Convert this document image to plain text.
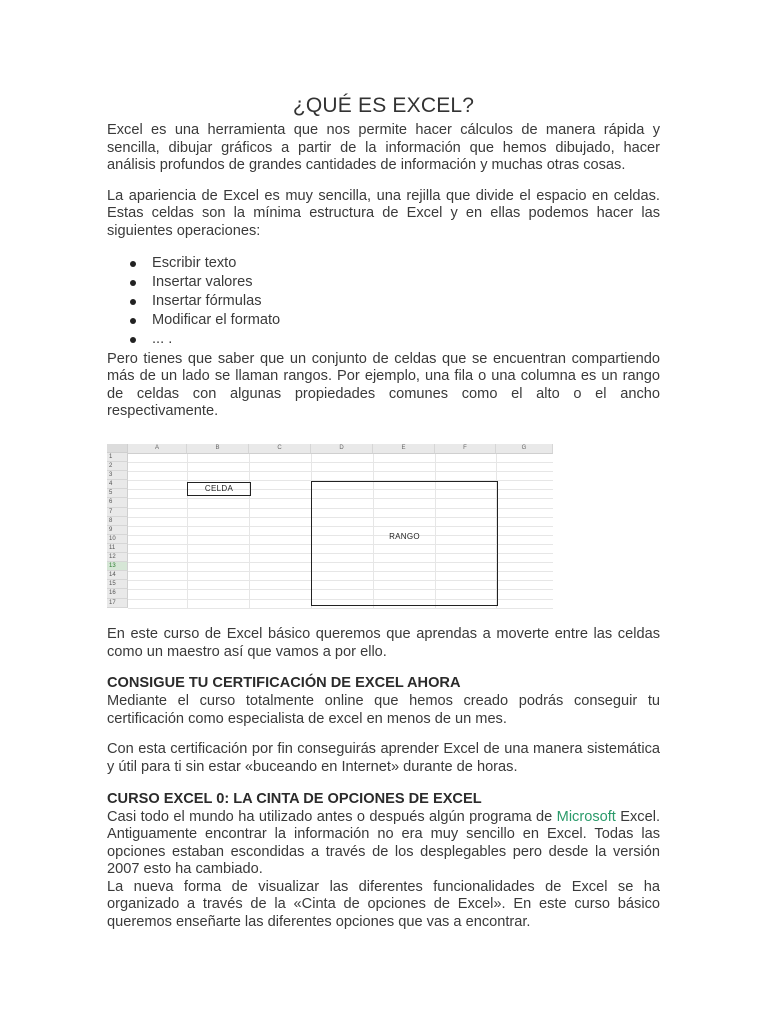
¿QUÉ ES EXCEL?

Excel es una herramienta que nos permite hacer cálculos de manera rápida y sencilla, dibujar gráficos a partir de la información que hemos dibujado, hacer análisis profundos de grandes cantidades de información y muchas otras cosas.

La apariencia de Excel es muy sencilla, una rejilla que divide el espacio en celdas. Estas celdas son la mínima estructura de Excel y en ellas podemos hacer las siguientes operaciones:

Escribir texto
Insertar valores
Insertar fórmulas
Modificar el formato
... .

Pero tienes que saber que un conjunto de celdas que se encuentran compartiendo más de un lado se llaman rangos. Por ejemplo, una fila o una columna es un rango de celdas con algunas propiedades comunes como el alto o el ancho respectivamente.

17
16
15
14
13
12
11
10
9
8
7
6
5
4
3
2
1
G
F
E
D
C
B
A
CELDA
RANGO

En este curso de Excel básico queremos que aprendas a moverte entre las celdas como un maestro así que vamos a por ello.

CONSIGUE TU CERTIFICACIÓN DE EXCEL AHORA

Mediante el curso totalmente online que hemos creado podrás conseguir tu certificación como especialista de excel en menos de un mes.

Con esta certificación por fin conseguirás aprender Excel de una manera sistemática y útil para ti sin estar «buceando en Internet» durante de horas.

CURSO EXCEL 0: LA CINTA DE OPCIONES DE EXCEL

Casi todo el mundo ha utilizado antes o después algún programa de Microsoft Excel. Antiguamente encontrar la información no era muy sencillo en Excel. Todas las opciones estaban escondidas a través de los desplegables pero desde la versión 2007 esto ha cambiado.

La nueva forma de visualizar las diferentes funcionalidades de Excel se ha organizado a través de la «Cinta de opciones de Excel». En este curso básico queremos enseñarte las diferentes opciones que vas a encontrar.
